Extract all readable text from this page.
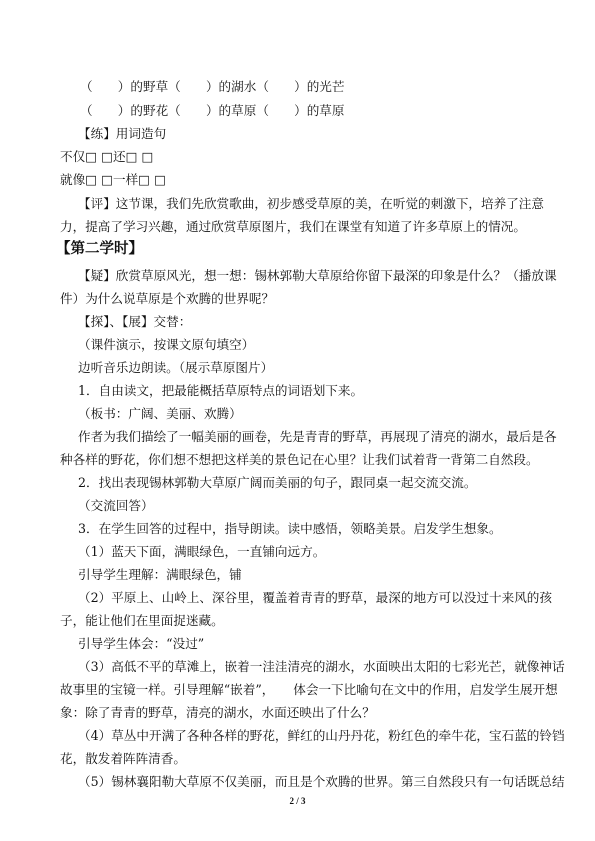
（　　）的野草（　　）的湖水（　　）的光芒
（　　）的野花（　　）的草原（　　）的草原
【练】用词造句
不仅□ □还□ □
就像□ □一样□ □
【评】这节课，我们先欣赏歌曲，初步感受草原的美，在听觉的刺激下，培养了注意
力，提高了学习兴趣，通过欣赏草原图片，我们在课堂有知道了许多草原上的情况。
【第二学时】
【疑】欣赏草原风光，想一想：锡林郭勒大草原给你留下最深的印象是什么？（播放课
件）为什么说草原是个欢腾的世界呢？
【探】、【展】交替：
（课件演示，按课文原句填空）
边听音乐边朗读。（展示草原图片）
1．自由读文，把最能概括草原特点的词语划下来。
（板书：广阔、美丽、欢腾）
作者为我们描绘了一幅美丽的画卷，先是青青的野草，再展现了清亮的湖水，最后是各
种各样的野花，你们想不想把这样美的景色记在心里？让我们试着背一背第二自然段。
2．找出表现锡林郭勒大草原广阔而美丽的句子，跟同桌一起交流交流。
（交流回答）
3．在学生回答的过程中，指导朗读。读中感悟，领略美景。启发学生想象。
（1）蓝天下面，满眼绿色，一直铺向远方。
引导学生理解：满眼绿色，铺
（2）平原上、山岭上、深谷里，覆盖着青青的野草，最深的地方可以没过十来风的孩
子，能让他们在里面捉迷藏。
引导学生体会：“没过”
（3）高低不平的草滩上，嵌着一洼洼清亮的湖水，水面映出太阳的七彩光芒，就像神话
故事里的宝镜一样。引导理解“嵌着”，　　体会一下比喻句在文中的作用，启发学生展开想
象：除了青青的野草，清亮的湖水，水面还映出了什么？
（4）草丛中开满了各种各样的野花，鲜红的山丹丹花，粉红色的牵牛花，宝石蓝的铃铛
花，散发着阵阵清香。
（5）锡林襄阳勒大草原不仅美丽，而且是个欢腾的世界。第三自然段只有一句话既总结
2 / 3
